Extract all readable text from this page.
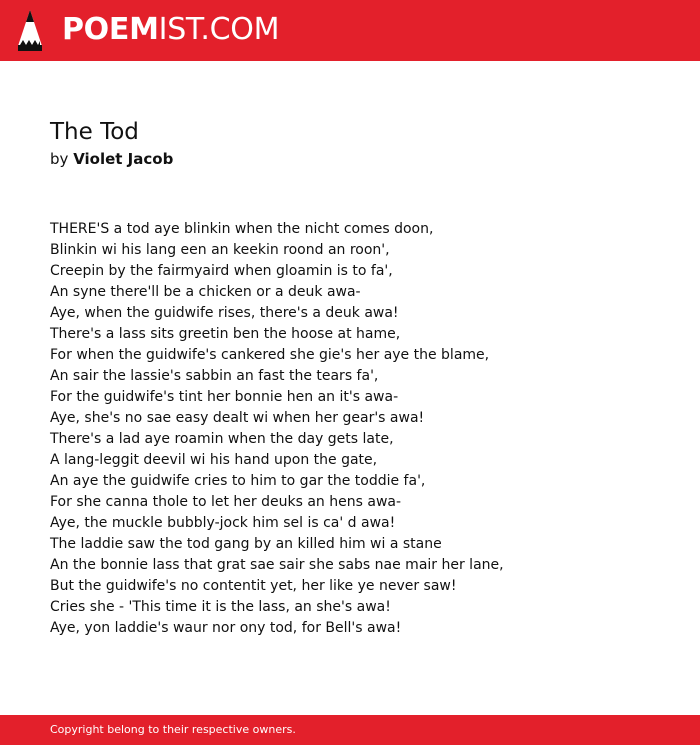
POEMIST.COM
The Tod
by Violet Jacob
THERE'S a tod aye blinkin when the nicht comes doon,
Blinkin wi his lang een an keekin roond an roon',
Creepin by the fairmyaird when gloamin is to fa',
An syne there'll be a chicken or a deuk awa-
Aye, when the guidwife rises, there's a deuk awa!
There's a lass sits greetin ben the hoose at hame,
For when the guidwife's cankered she gie's her aye the blame,
An sair the lassie's sabbin an fast the tears fa',
For the guidwife's tint her bonnie hen an it's awa-
Aye, she's no sae easy dealt wi when her gear's awa!
There's a lad aye roamin when the day gets late,
A lang-leggit deevil wi his hand upon the gate,
An aye the guidwife cries to him to gar the toddie fa',
For she canna thole to let her deuks an hens awa-
Aye, the muckle bubbly-jock him sel is ca' d awa!
The laddie saw the tod gang by an killed him wi a stane
An the bonnie lass that grat sae sair she sabs nae mair her lane,
But the guidwife's no contentit yet, her like ye never saw!
Cries she - 'This time it is the lass, an she's awa!
Aye, yon laddie's waur nor ony tod, for Bell's awa!
Copyright belong to their respective owners.
